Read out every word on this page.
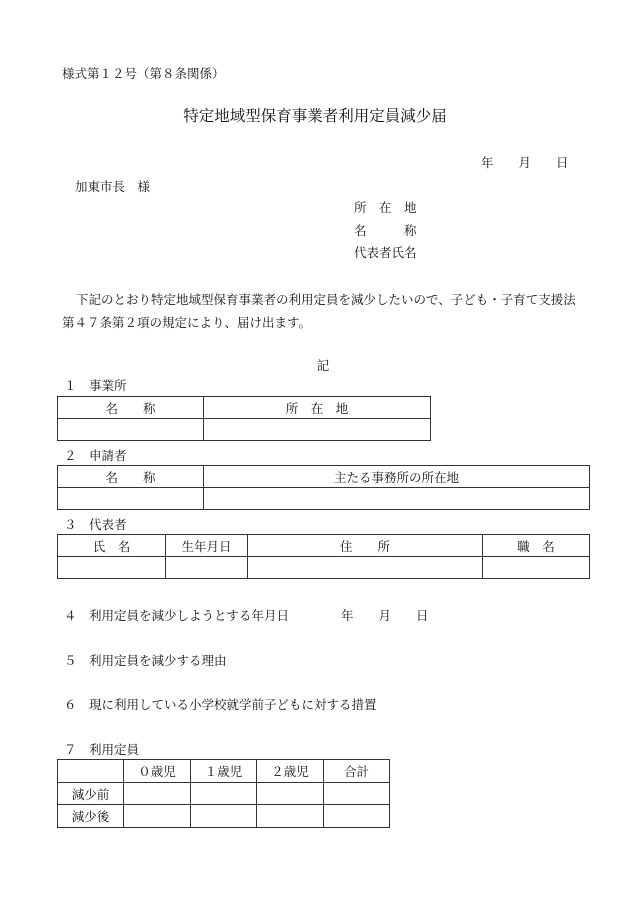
様式第１２号（第８条関係）
特定地域型保育事業者利用定員減少届
年　　月　　日
加東市長　様
所　在　地
名　　　称
代表者氏名
下記のとおり特定地域型保育事業者の利用定員を減少したいので、子ども・子育て支援法
第４７条第２項の規定により、届け出ます。
記
１　事業所
名　　称	所　在　地

２　申請者
名　　称	主たる事務所の所在地

３　代表者
氏　名	生年月日	住　　所	職　名

４　利用定員を減少しようとする年月日	年　　月　　日
５　利用定員を減少する理由
６　現に利用している小学校就学前子どもに対する措置
７　利用定員
	０歳児	１歳児	２歳児	合計
減少前				
減少後				
